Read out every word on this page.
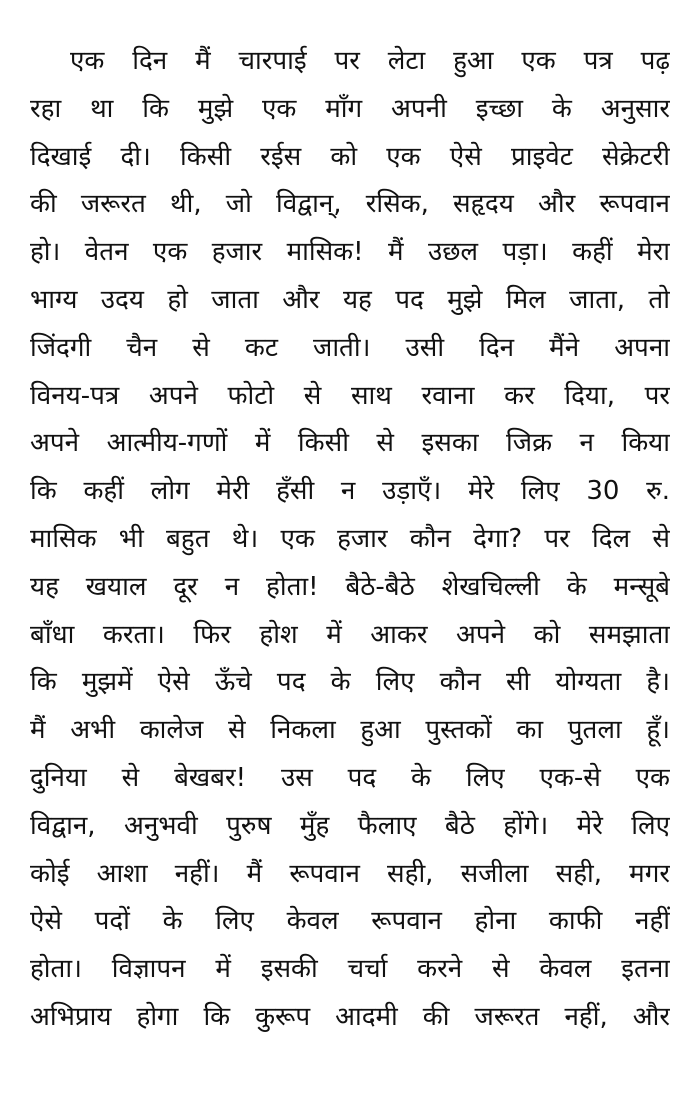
एक दिन मैं चारपाई पर लेटा हुआ एक पत्र पढ़
रहा था कि मुझे एक माँग अपनी इच्छा के अनुसार
दिखाई दी। किसी रईस को एक ऐसे प्राइवेट सेक्रेटरी
की जरूरत थी, जो विद्वान्, रसिक, सहृदय और रूपवान
हो। वेतन एक हजार मासिक! मैं उछल पड़ा। कहीं मेरा
भाग्य उदय हो जाता और यह पद मुझे मिल जाता, तो
जिंदगी चैन से कट जाती। उसी दिन मैंने अपना
विनय-पत्र अपने फोटो से साथ रवाना कर दिया, पर
अपने आत्मीय-गणों में किसी से इसका जिक्र न किया
कि कहीं लोग मेरी हँसी न उड़ाएँ। मेरे लिए 30 रु.
मासिक भी बहुत थे। एक हजार कौन देगा? पर दिल से
यह खयाल दूर न होता! बैठे-बैठे शेखचिल्ली के मन्सूबे
बाँधा करता। फिर होश में आकर अपने को समझाता
कि मुझमें ऐसे ऊँचे पद के लिए कौन सी योग्यता है।
मैं अभी कालेज से निकला हुआ पुस्तकों का पुतला हूँ।
दुनिया से बेखबर! उस पद के लिए एक-से एक
विद्वान, अनुभवी पुरुष मुँह फैलाए बैठे होंगे। मेरे लिए
कोई आशा नहीं। मैं रूपवान सही, सजीला सही, मगर
ऐसे पदों के लिए केवल रूपवान होना काफी नहीं
होता। विज्ञापन में इसकी चर्चा करने से केवल इतना
अभिप्राय होगा कि कुरूप आदमी की जरूरत नहीं, और
